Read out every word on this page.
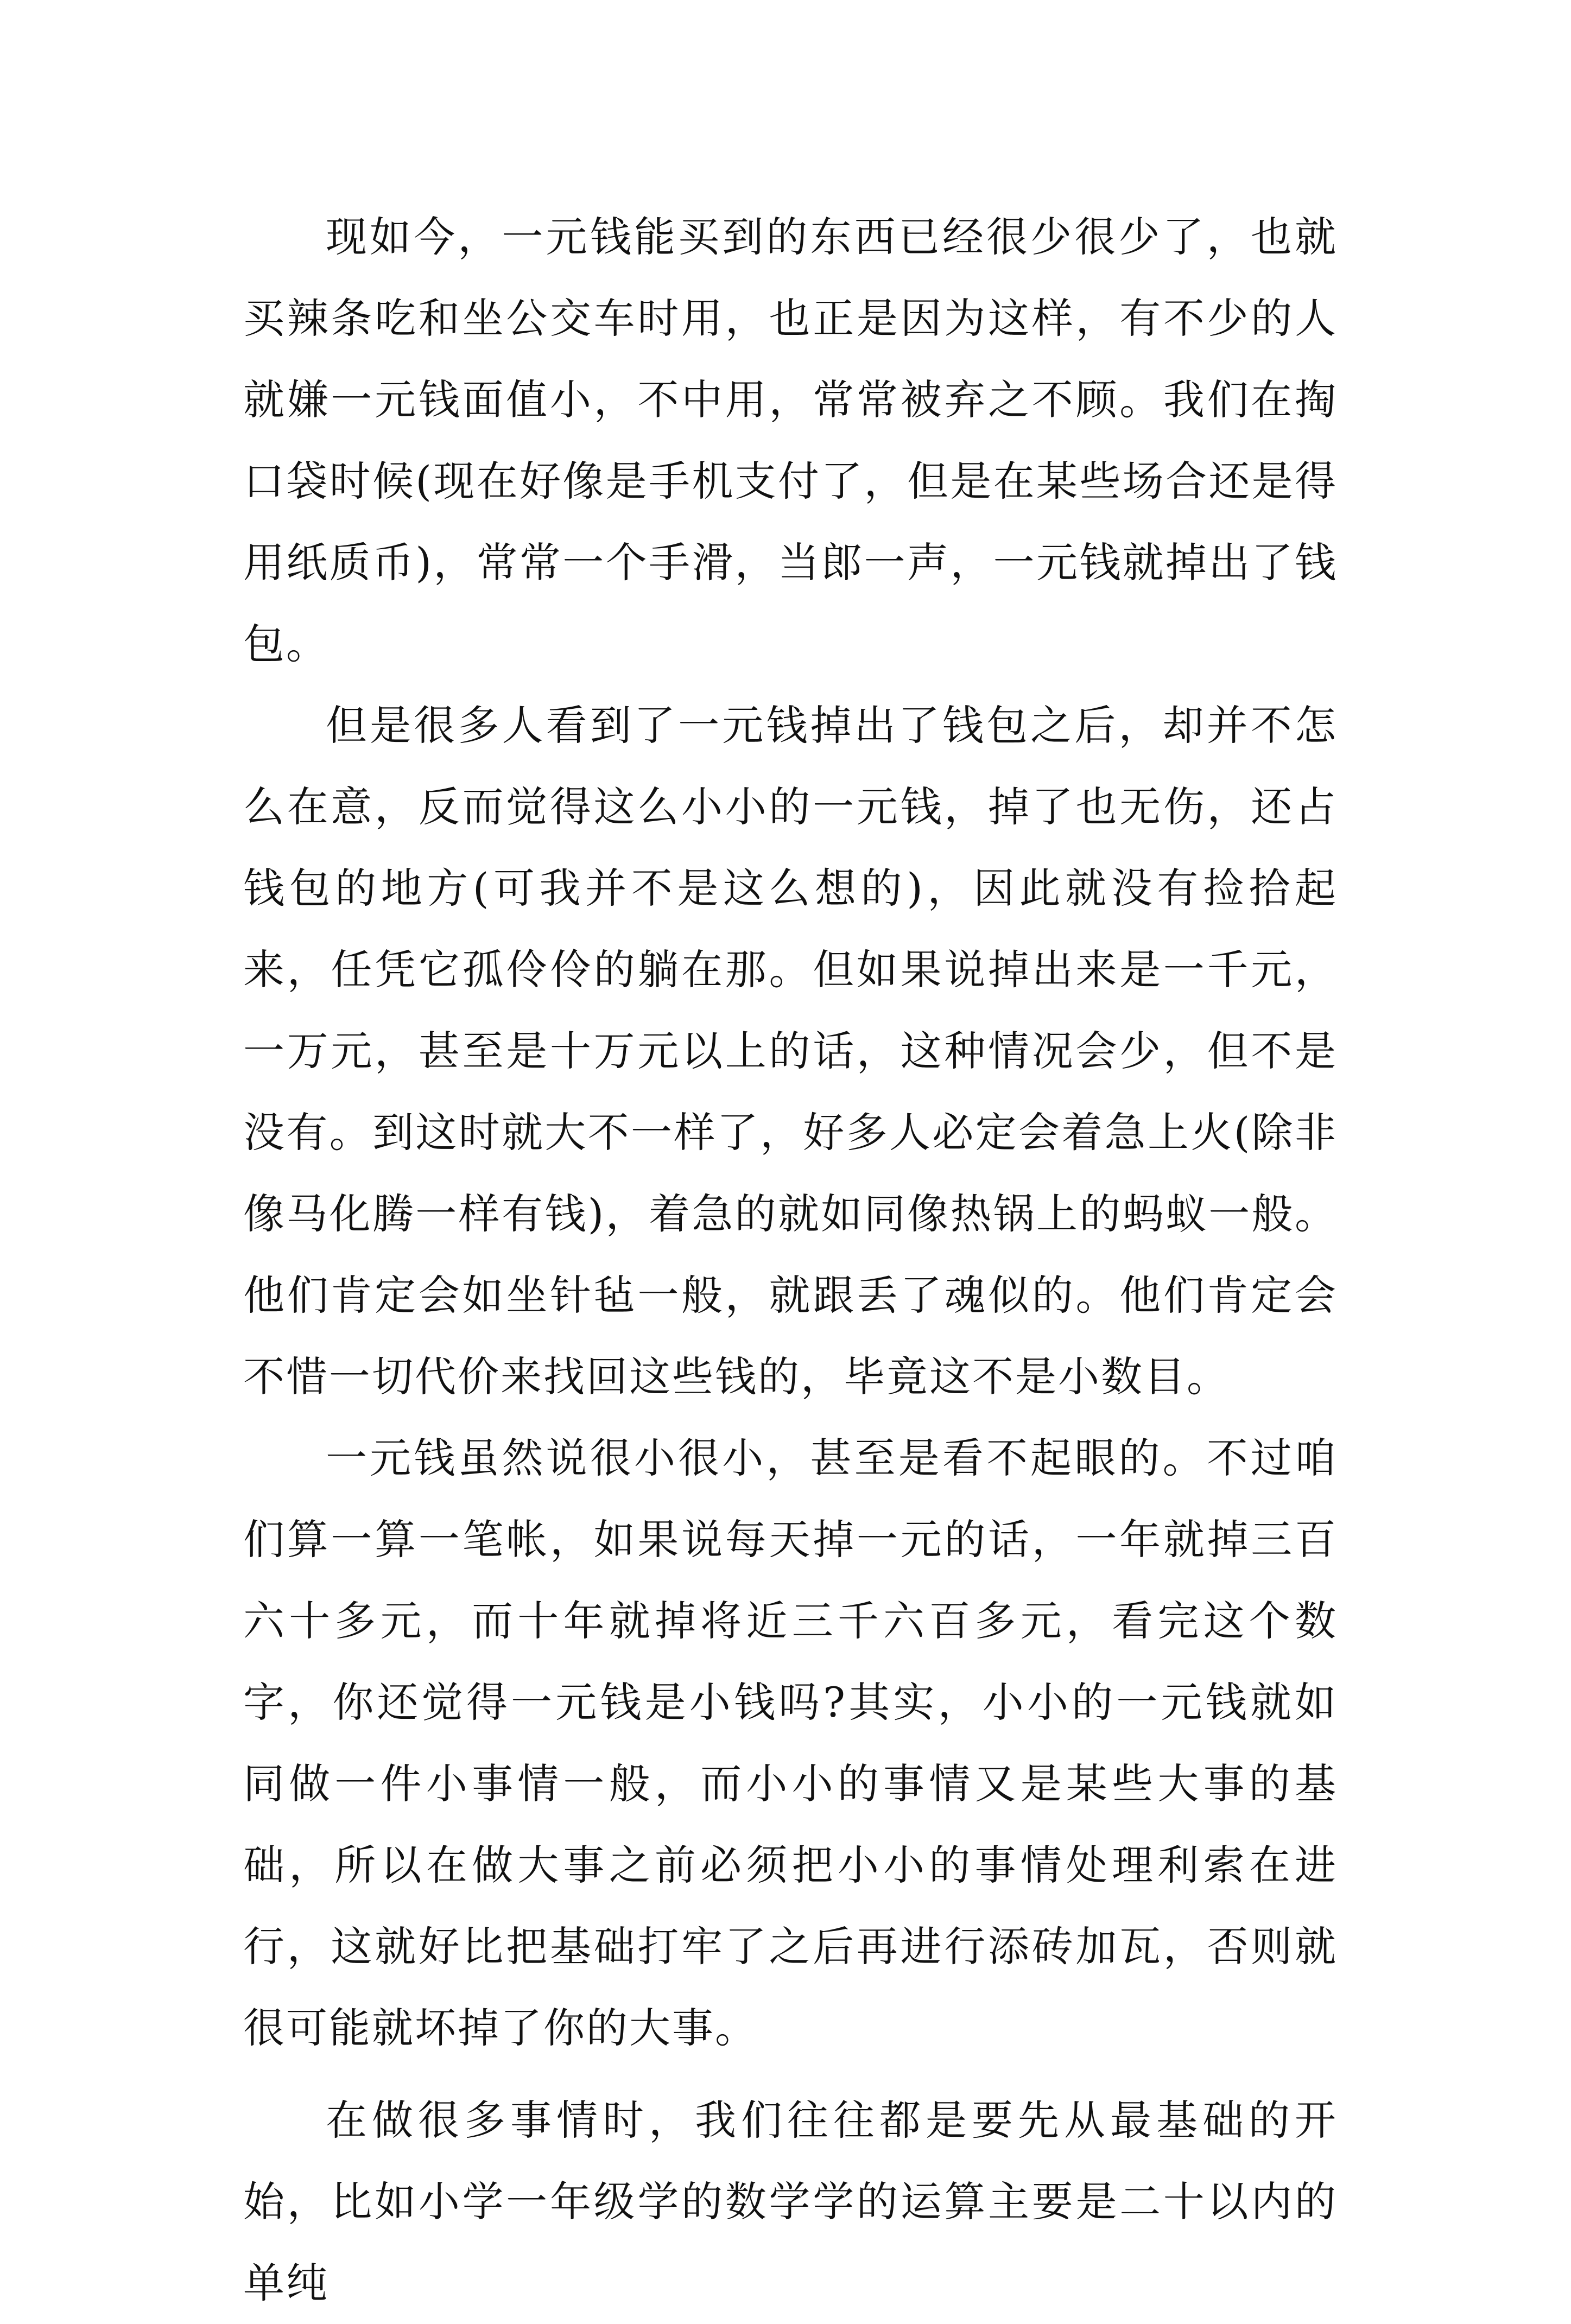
现如今，一元钱能买到的东西已经很少很少了，也就买辣条吃和坐公交车时用，也正是因为这样，有不少的人就嫌一元钱面值小，不中用，常常被弃之不顾。我们在掏口袋时候(现在好像是手机支付了，但是在某些场合还是得用纸质币)，常常一个手滑，当郎一声，一元钱就掉出了钱包。

但是很多人看到了一元钱掉出了钱包之后，却并不怎么在意，反而觉得这么小小的一元钱，掉了也无伤，还占钱包的地方(可我并不是这么想的)，因此就没有捡拾起来，任凭它孤伶伶的躺在那。但如果说掉出来是一千元，一万元，甚至是十万元以上的话，这种情况会少，但不是没有。到这时就大不一样了，好多人必定会着急上火(除非像马化腾一样有钱)，着急的就如同像热锅上的蚂蚁一般。他们肯定会如坐针毡一般，就跟丢了魂似的。他们肯定会不惜一切代价来找回这些钱的，毕竟这不是小数目。

一元钱虽然说很小很小，甚至是看不起眼的。不过咱们算一算一笔帐，如果说每天掉一元的话，一年就掉三百六十多元，而十年就掉将近三千六百多元，看完这个数字，你还觉得一元钱是小钱吗?其实，小小的一元钱就如同做一件小事情一般，而小小的事情又是某些大事的基础，所以在做大事之前必须把小小的事情处理利索在进行，这就好比把基础打牢了之后再进行添砖加瓦，否则就很可能就坏掉了你的大事。

在做很多事情时，我们往往都是要先从最基础的开始，比如小学一年级学的数学学的运算主要是二十以内的单纯
